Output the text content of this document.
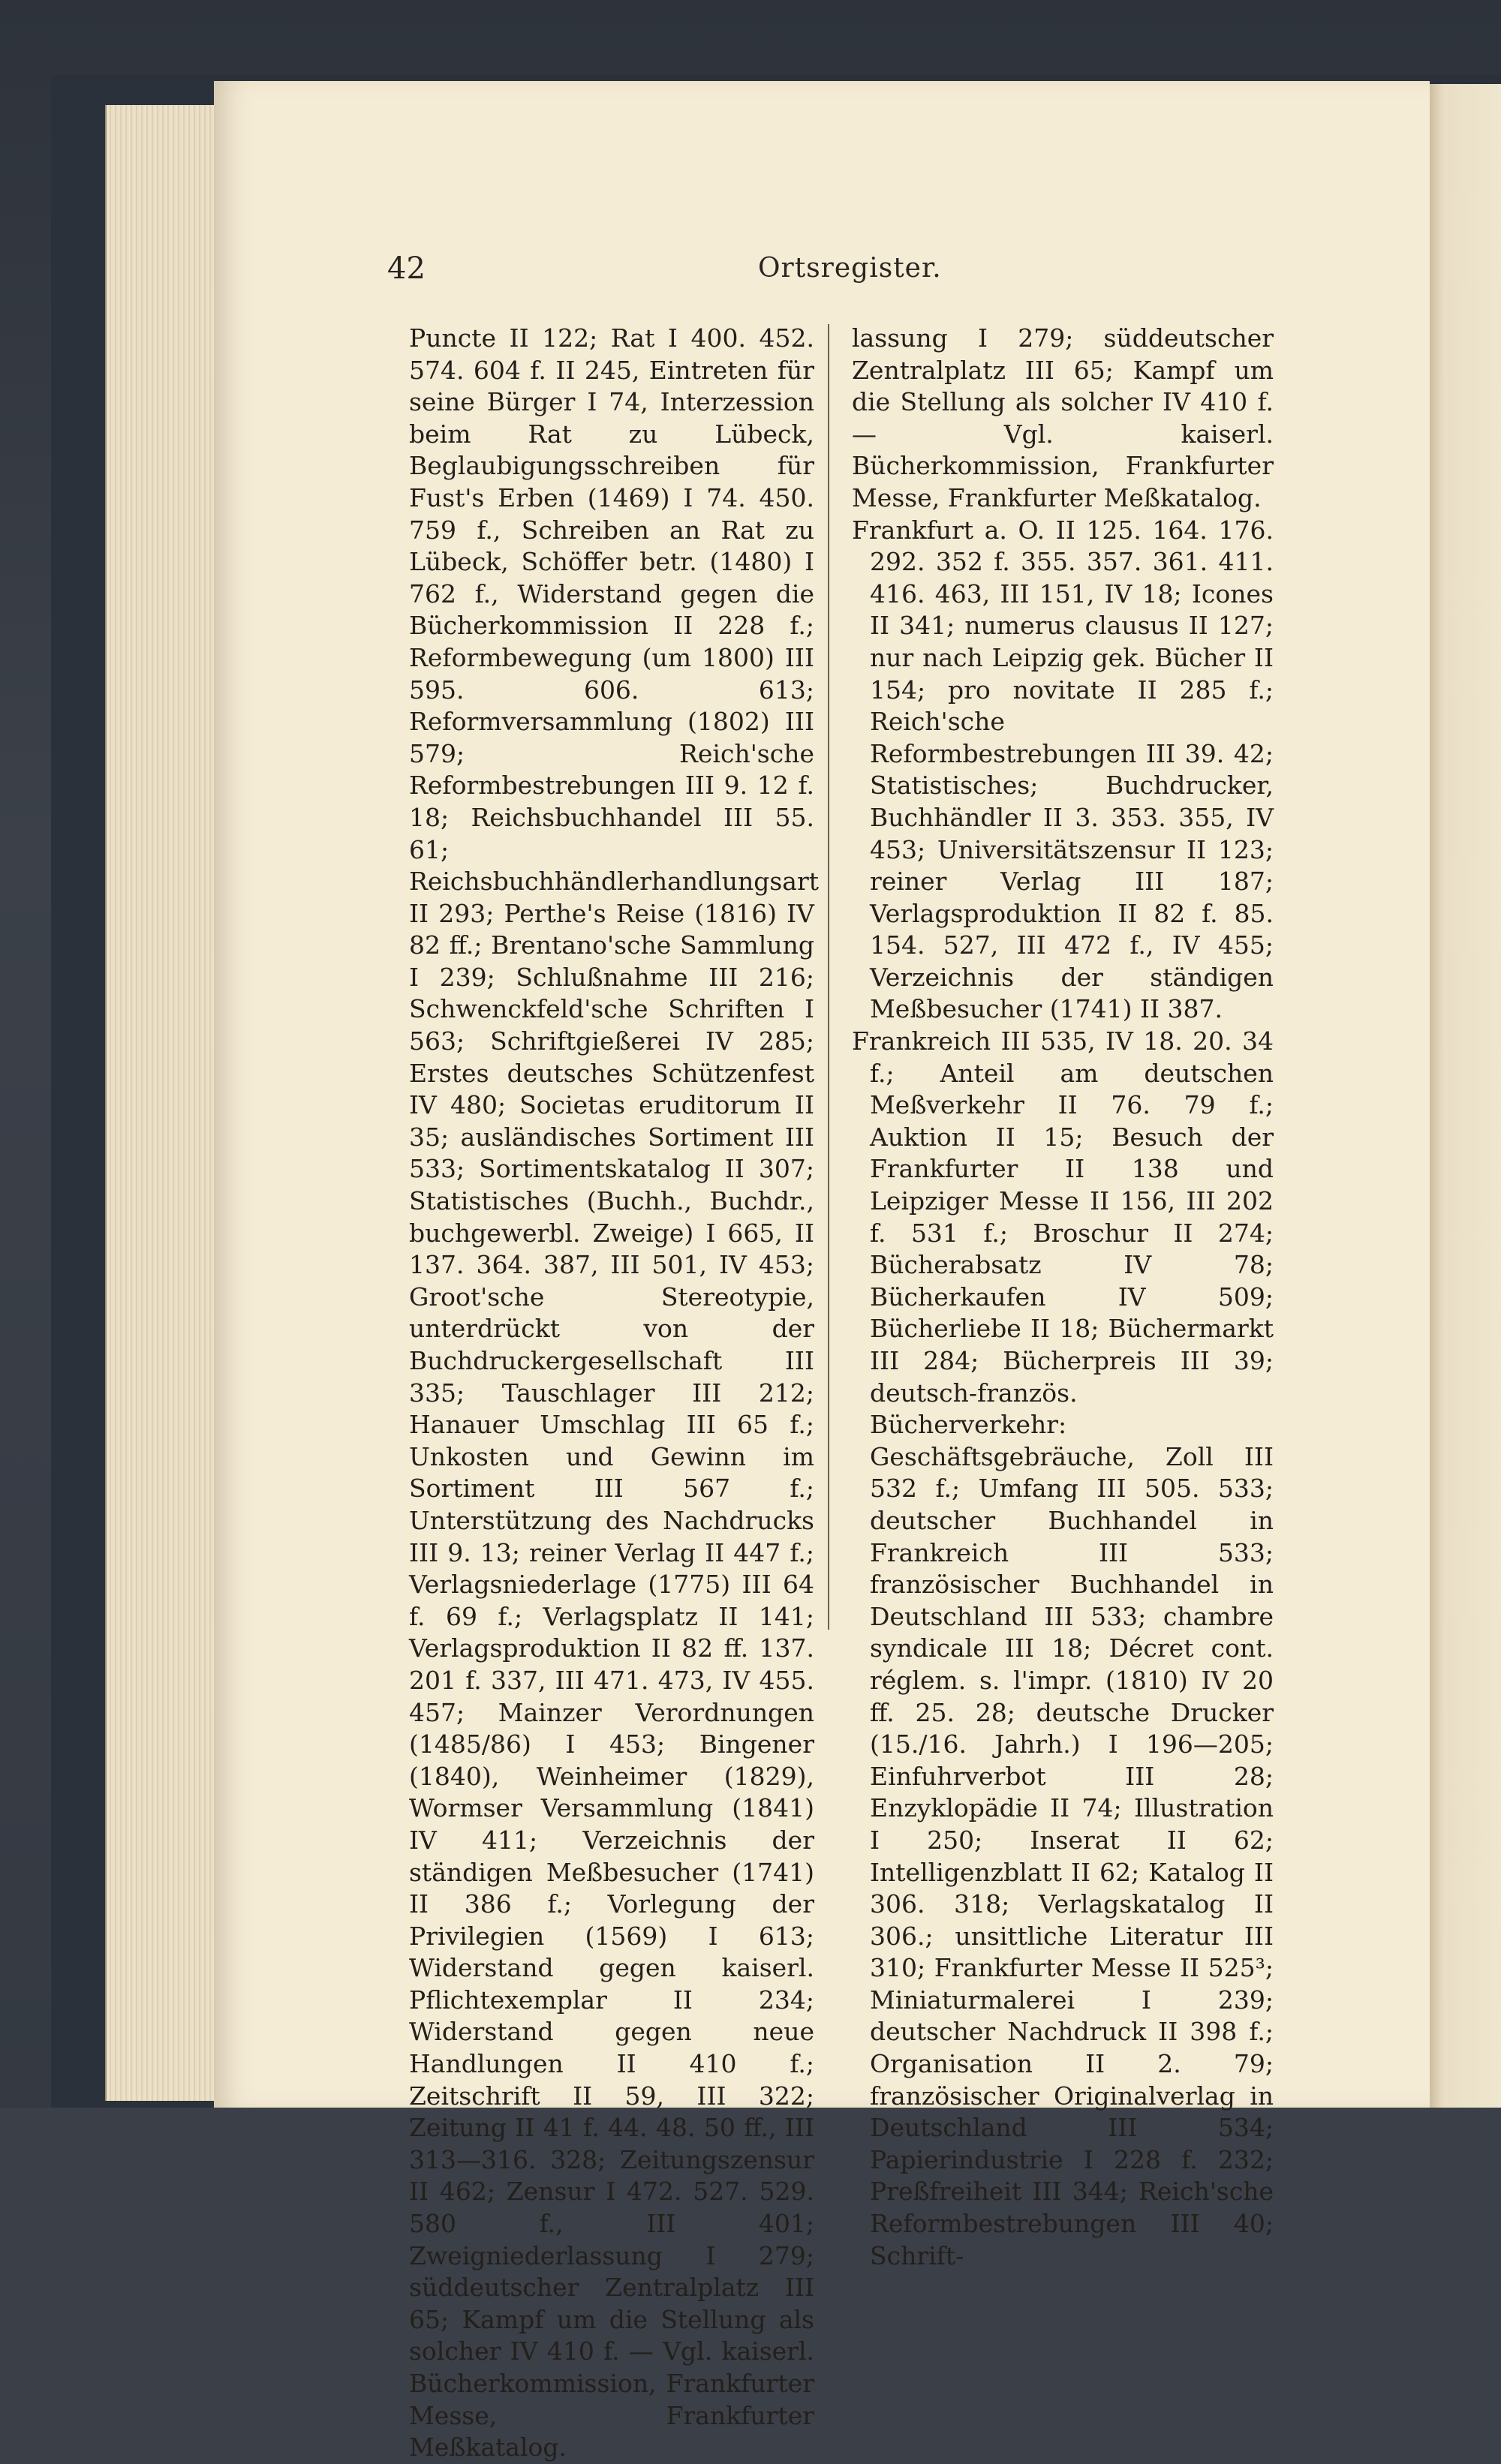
42	Ortsregister.

Puncte II 122; Rat I 400. 452. 574. 604 f. II 245, Eintreten für seine Bürger I 74, Interzession beim Rat zu Lübeck, Beglaubigungsschreiben für Fust's Erben (1469) I 74. 450. 759 f., Schreiben an Rat zu Lübeck, Schöffer betr. (1480) I 762 f., Widerstand gegen die Bücherkommission II 228 f.; Reformbewegung (um 1800) III 595. 606. 613; Reformversammlung (1802) III 579; Reich'sche Reformbestrebungen III 9. 12 f. 18; Reichsbuchhandel III 55. 61; Reichsbuchhändlerhandlungsart II 293; Perthe's Reise (1816) IV 82 ff.; Brentano'sche Sammlung I 239; Schlußnahme III 216; Schwenckfeld'sche Schriften I 563; Schriftgießerei IV 285; Erstes deutsches Schützenfest IV 480; Societas eruditorum II 35; ausländisches Sortiment III 533; Sortimentskatalog II 307; Statistisches (Buchh., Buchdr., buchgewerbl. Zweige) I 665, II 137. 364. 387, III 501, IV 453; Groot'sche Stereotypie, unterdrückt von der Buchdruckergesellschaft III 335; Tauschlager III 212; Hanauer Umschlag III 65 f.; Unkosten und Gewinn im Sortiment III 567 f.; Unterstützung des Nachdrucks III 9. 13; reiner Verlag II 447 f.; Verlagsniederlage (1775) III 64 f. 69 f.; Verlagsplatz II 141; Verlagsproduktion II 82 ff. 137. 201 f. 337, III 471. 473, IV 455. 457; Mainzer Verordnungen (1485/86) I 453; Bingener (1840), Weinheimer (1829), Wormser Versammlung (1841) IV 411; Verzeichnis der ständigen Meßbesucher (1741) II 386 f.; Vorlegung der Privilegien (1569) I 613; Widerstand gegen kaiserl. Pflichtexemplar II 234; Widerstand gegen neue Handlungen II 410 f.; Zeitschrift II 59, III 322; Zeitung II 41 f. 44. 48. 50 ff., III 313—316. 328; Zeitungszensur II 462; Zensur I 472. 527. 529. 580 f., III 401; Zweigniederlassung I 279; süddeutscher Zentralplatz III 65; Kampf um die Stellung als solcher IV 410 f. — Vgl. kaiserl. Bücherkommission, Frankfurter Messe, Frankfurter Meßkatalog.

lassung I 279; süddeutscher Zentralplatz III 65; Kampf um die Stellung als solcher IV 410 f. — Vgl. kaiserl. Bücherkommission, Frankfurter Messe, Frankfurter Meßkatalog.

Frankfurt a. O. II 125. 164. 176. 292. 352 f. 355. 357. 361. 411. 416. 463, III 151, IV 18; Icones II 341; numerus clausus II 127; nur nach Leipzig gek. Bücher II 154; pro novitate II 285 f.; Reich'sche Reformbestrebungen III 39. 42; Statistisches; Buchdrucker, Buchhändler II 3. 353. 355, IV 453; Universitätszensur II 123; reiner Verlag III 187; Verlagsproduktion II 82 f. 85. 154. 527, III 472 f., IV 455; Verzeichnis der ständigen Meßbesucher (1741) II 387.

Frankreich III 535, IV 18. 20. 34 f.; Anteil am deutschen Meßverkehr II 76. 79 f.; Auktion II 15; Besuch der Frankfurter II 138 und Leipziger Messe II 156, III 202 f. 531 f.; Broschur II 274; Bücherabsatz IV 78; Bücherkaufen IV 509; Bücherliebe II 18; Büchermarkt III 284; Bücherpreis III 39; deutsch-französ. Bücherverkehr: Geschäftsgebräuche, Zoll III 532 f.; Umfang III 505. 533; deutscher Buchhandel in Frankreich III 533; französischer Buchhandel in Deutschland III 533; chambre syndicale III 18; Décret cont. réglem. s. l'impr. (1810) IV 20 ff. 25. 28; deutsche Drucker (15./16. Jahrh.) I 196—205; Einfuhrverbot III 28; Enzyklopädie II 74; Illustration I 250; Inserat II 62; Intelligenzblatt II 62; Katalog II 306. 318; Verlagskatalog II 306.; unsittliche Literatur III 310; Frankfurter Messe II 525³; Miniaturmalerei I 239; deutscher Nachdruck II 398 f.; Organisation II 2. 79; französischer Originalverlag in Deutschland III 534; Papierindustrie I 228 f. 232; Preßfreiheit III 344; Reich'sche Reformbestrebungen III 40; Schrift-
